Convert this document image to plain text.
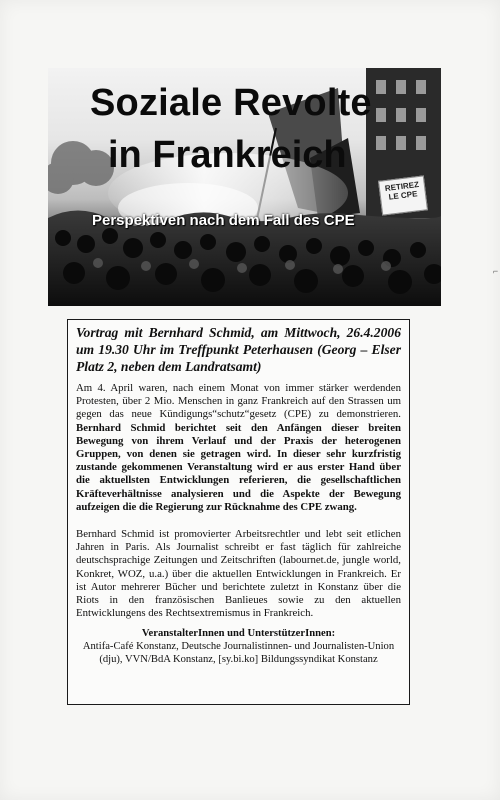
Soziale Revolte
in Frankreich
RETIREZ LE CPE
Perspektiven nach dem Fall des CPE

Vortrag mit Bernhard Schmid, am Mittwoch, 26.4.2006 um 19.30 Uhr im Treffpunkt Peterhausen (Georg – Elser Platz 2, neben dem Landratsamt)

Am 4. April waren, nach einem Monat von immer stärker werdenden Protesten, über 2 Mio. Menschen in ganz Frankreich auf den Strassen um gegen das neue Kündigungs“schutz“gesetz (CPE) zu demonstrieren. Bernhard Schmid berichtet seit den Anfängen dieser breiten Bewegung von ihrem Verlauf und der Praxis der heterogenen Gruppen, von denen sie getragen wird. In dieser sehr kurzfristig zustande gekommenen Veranstaltung wird er aus erster Hand über die aktuellsten Entwicklungen referieren, die gesellschaftlichen Kräfteverhältnisse analysieren und die Aspekte der Bewegung aufzeigen die die Regierung zur Rücknahme des CPE zwang.

Bernhard Schmid ist promovierter Arbeitsrechtler und lebt seit etlichen Jahren in Paris. Als Journalist schreibt er fast täglich für zahlreiche deutschsprachige Zeitungen und Zeitschriften (labournet.de, jungle world, Konkret, WOZ, u.a.) über die aktuellen Entwicklungen in Frankreich. Er ist Autor mehrerer Bücher und berichtete zuletzt in Konstanz über die Riots in den französischen Banlieues sowie zu den aktuellen Entwicklungens des Rechtsextremismus in Frankreich.

VeranstalterInnen und UnterstützerInnen:
Antifa-Café Konstanz, Deutsche Journalistinnen- und Journalisten-Union (dju), VVN/BdA Konstanz, [sy.bi.ko] Bildungssyndikat Konstanz
⌐
